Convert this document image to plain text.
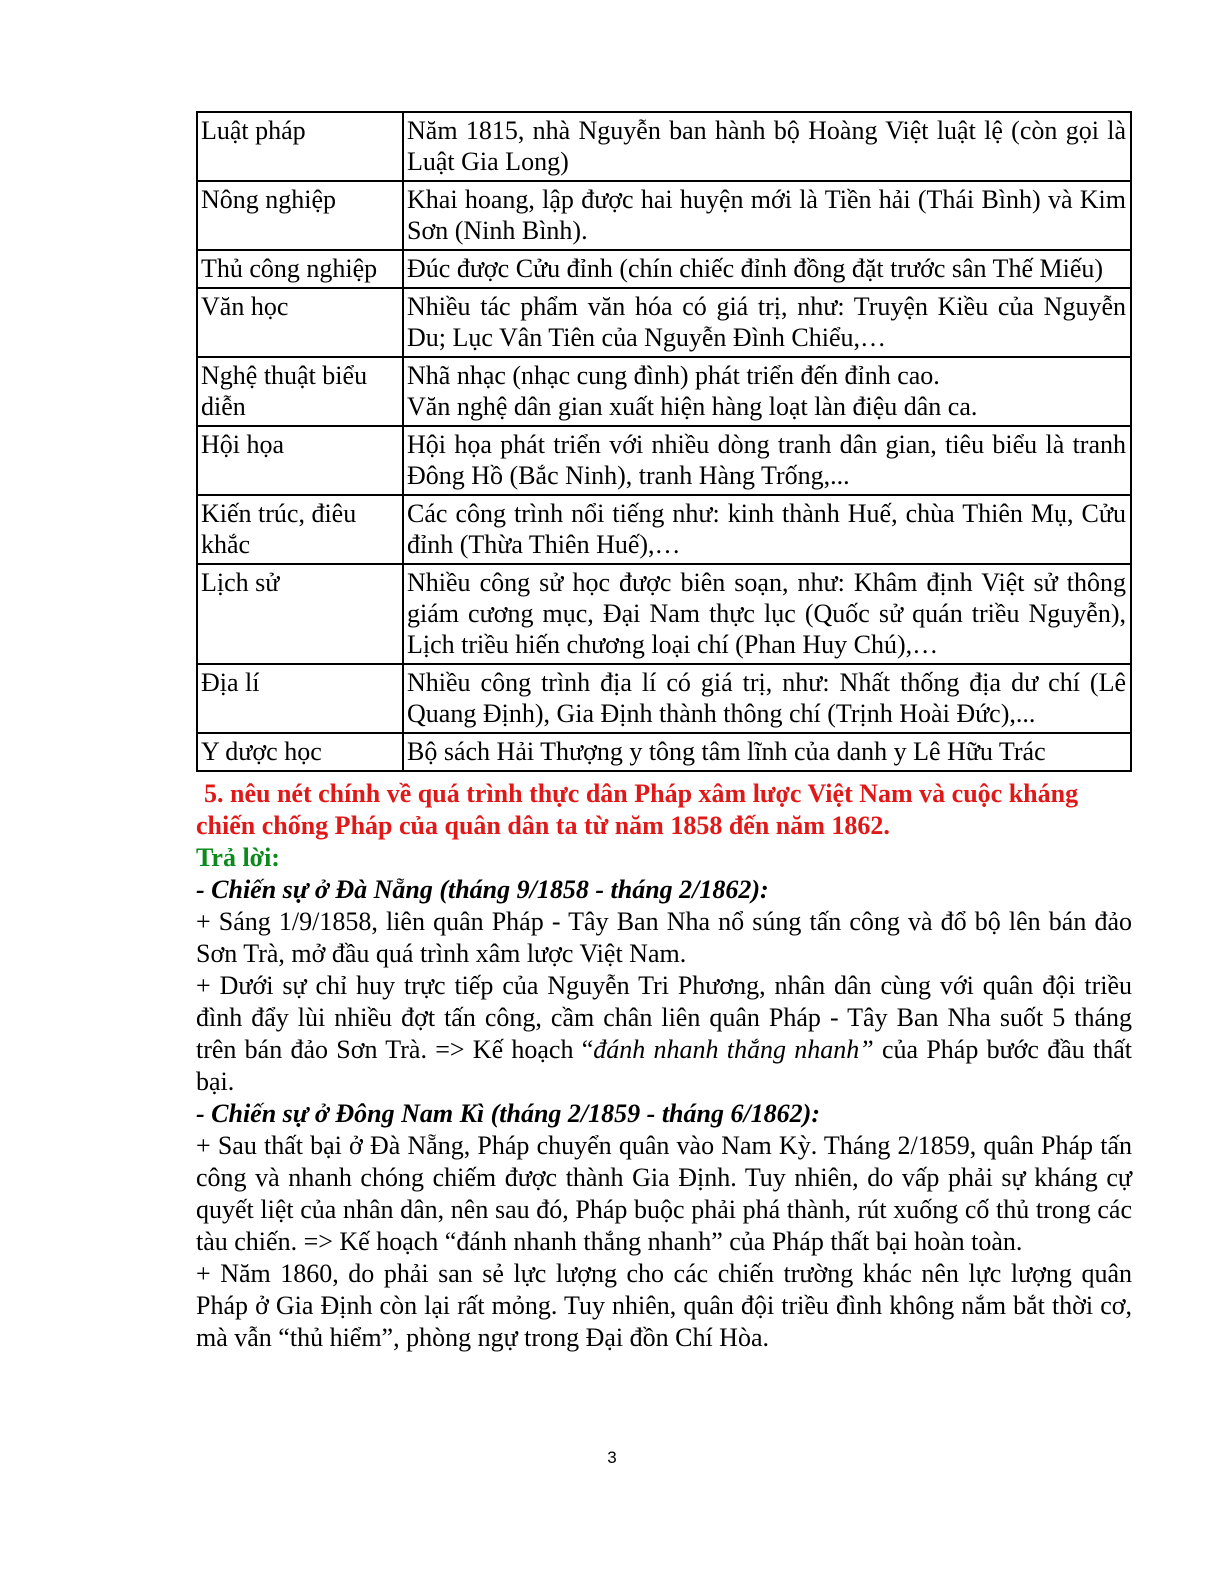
Luật pháp	Năm 1815, nhà Nguyễn ban hành bộ Hoàng Việt luật lệ (còn gọi là Luật Gia Long)
Nông nghiệp	Khai hoang, lập được hai huyện mới là Tiền hải (Thái Bình) và Kim Sơn (Ninh Bình).
Thủ công nghiệp	Đúc được Cửu đỉnh (chín chiếc đỉnh đồng đặt trước sân Thế Miếu)
Văn học	Nhiều tác phẩm văn hóa có giá trị, như: Truyện Kiều của Nguyễn Du; Lục Vân Tiên của Nguyễn Đình Chiểu,…
Nghệ thuật biểu diễn	Nhã nhạc (nhạc cung đình) phát triển đến đỉnh cao.
Văn nghệ dân gian xuất hiện hàng loạt làn điệu dân ca.

Hội họa	Hội họa phát triển với nhiều dòng tranh dân gian, tiêu biểu là tranh Đông Hồ (Bắc Ninh), tranh Hàng Trống,...
Kiến trúc, điêu khắc	Các công trình nổi tiếng như: kinh thành Huế, chùa Thiên Mụ, Cửu đỉnh (Thừa Thiên Huế),…
Lịch sử	Nhiều công sử học được biên soạn, như: Khâm định Việt sử thông giám cương mục, Đại Nam thực lục (Quốc sử quán triều Nguyễn), Lịch triều hiến chương loại chí (Phan Huy Chú),…
Địa lí	Nhiều công trình địa lí có giá trị, như: Nhất thống địa dư chí (Lê Quang Định), Gia Định thành thông chí (Trịnh Hoài Đức),...
Y dược học	Bộ sách Hải Thượng y tông tâm lĩnh của danh y Lê Hữu Trác

5. nêu nét chính về quá trình thực dân Pháp xâm lược Việt Nam và cuộc kháng chiến chống Pháp của quân dân ta từ năm 1858 đến năm 1862.

Trả lời:

- Chiến sự ở Đà Nẵng (tháng 9/1858 - tháng 2/1862):

+ Sáng 1/9/1858, liên quân Pháp - Tây Ban Nha nổ súng tấn công và đổ bộ lên bán đảo Sơn Trà, mở đầu quá trình xâm lược Việt Nam.

+ Dưới sự chỉ huy trực tiếp của Nguyễn Tri Phương, nhân dân cùng với quân đội triều đình đẩy lùi nhiều đợt tấn công, cầm chân liên quân Pháp - Tây Ban Nha suốt 5 tháng trên bán đảo Sơn Trà. => Kế hoạch “đánh nhanh thắng nhanh” của Pháp bước đầu thất bại.

- Chiến sự ở Đông Nam Kì (tháng 2/1859 - tháng 6/1862):

+ Sau thất bại ở Đà Nẵng, Pháp chuyển quân vào Nam Kỳ. Tháng 2/1859, quân Pháp tấn công và nhanh chóng chiếm được thành Gia Định. Tuy nhiên, do vấp phải sự kháng cự quyết liệt của nhân dân, nên sau đó, Pháp buộc phải phá thành, rút xuống cố thủ trong các tàu chiến. => Kế hoạch “đánh nhanh thắng nhanh” của Pháp thất bại hoàn toàn.

+ Năm 1860, do phải san sẻ lực lượng cho các chiến trường khác nên lực lượng quân Pháp ở Gia Định còn lại rất mỏng. Tuy nhiên, quân đội triều đình không nắm bắt thời cơ, mà vẫn “thủ hiểm”, phòng ngự trong Đại đồn Chí Hòa.

3
